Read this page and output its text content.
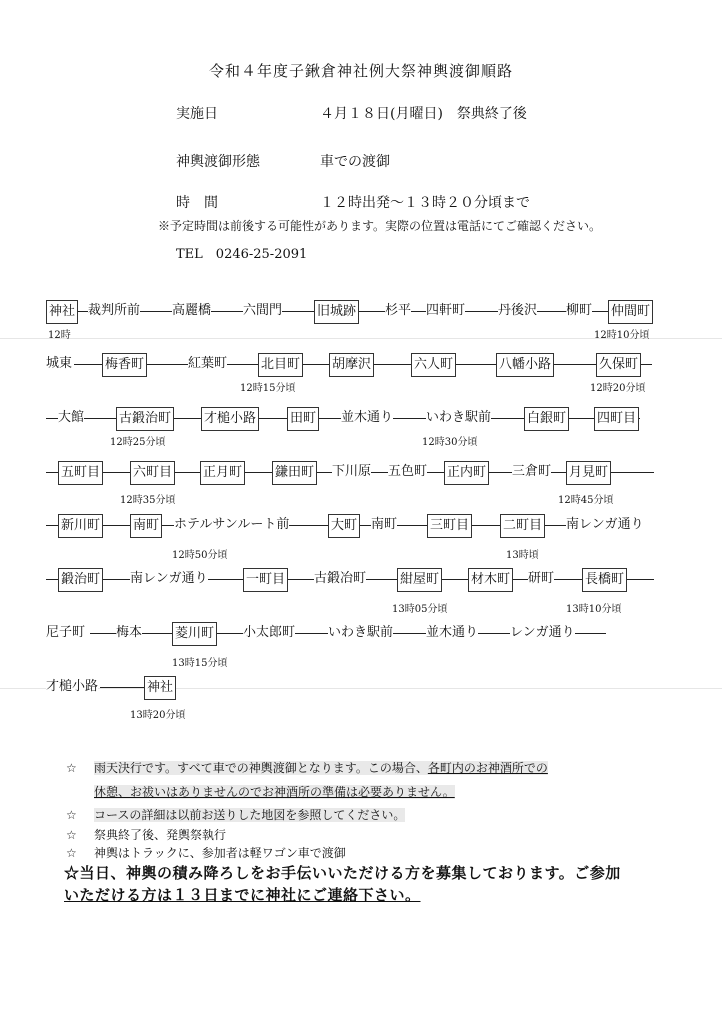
令和４年度子鍬倉神社例大祭神輿渡御順路
実施日	４月１８日(月曜日)　祭典終了後
神輿渡御形態	車での渡御
時　間	１２時出発～１３時２０分頃まで
※予定時間は前後する可能性があります。実際の位置は電話にてご確認ください。
TEL　0246-25-2091
神社 裁判所前 高麗橋 六間門	旧城跡 杉平 四軒町	丹後沢 柳町 仲間町
12時	12時10分頃
城東	梅香町	紅葉町	北目町 胡摩沢	六人町	八幡小路	久保町
12時15分頃	12時20分頃
大館	古鍛治町	才槌小路	田町 並木通り	いわき駅前	白銀町 四町目
12時25分頃	12時30分頃
五町目	六町目 正月町	鎌田町 下川原 五色町 正内町 三倉町 月見町
12時35分頃	12時45分頃
新川町	南町 ホテルサンルート前	大町 南町	三町目	二町目 南レンガ通り
12時50分頃	13時頃
鍛治町 南レンガ通り	一町目 古鍛冶町	紺屋町 材木町 研町 長橋町
13時05分頃	13時10分頃
尼子町 梅本	菱川町 小太郎町	いわき駅前	並木通り レンガ通り
13時15分頃
才槌小路	神社
13時20分頃
☆ 雨天決行です。すべて車での神輿渡御となります。この場合、各町内のお神酒所での
休憩、お祓いはありませんのでお神酒所の準備は必要ありません。
☆ コースの詳細は以前お送りした地図を参照してください。
☆ 祭典終了後、発輿祭執行
☆ 神輿はトラックに、参加者は軽ワゴン車で渡御
☆当日、神輿の積み降ろしをお手伝いいただける方を募集しております。ご参加
いただける方は１３日までに神社にご連絡下さい。
